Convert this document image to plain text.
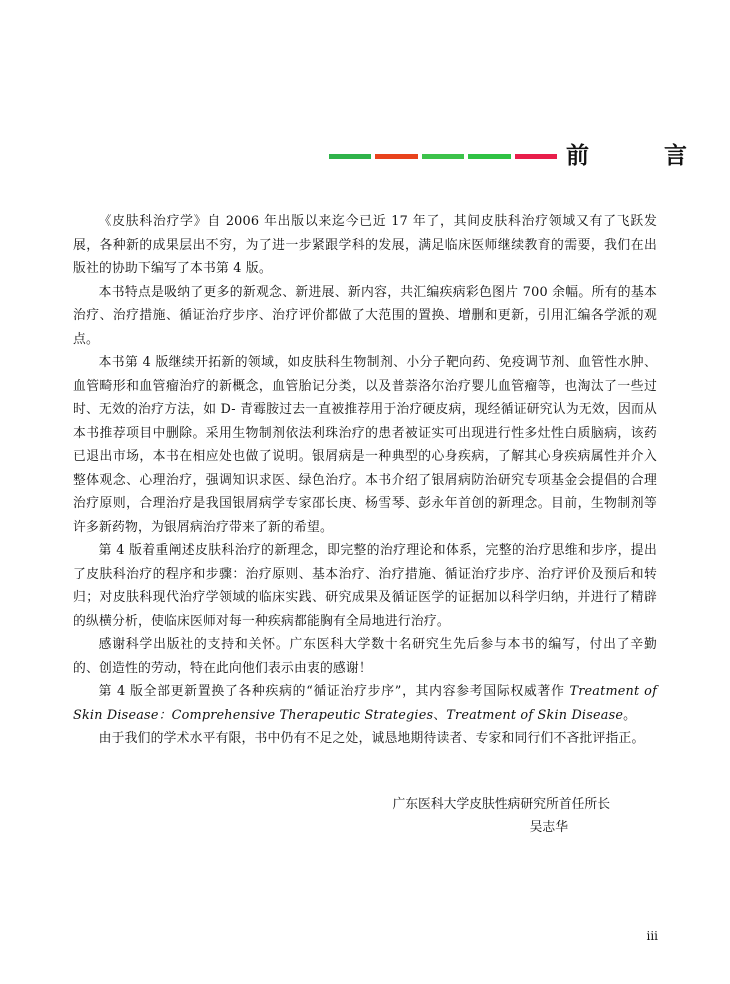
前　言

《皮肤科治疗学》自 2006 年出版以来迄今已近 17 年了，其间皮肤科治疗领域又有了飞跃发展，各种新的成果层出不穷，为了进一步紧跟学科的发展，满足临床医师继续教育的需要，我们在出版社的协助下编写了本书第 4 版。

本书特点是吸纳了更多的新观念、新进展、新内容，共汇编疾病彩色图片 700 余幅。所有的基本治疗、治疗措施、循证治疗步序、治疗评价都做了大范围的置换、增删和更新，引用汇编各学派的观点。

本书第 4 版继续开拓新的领域，如皮肤科生物制剂、小分子靶向药、免疫调节剂、血管性水肿、血管畸形和血管瘤治疗的新概念，血管胎记分类，以及普萘洛尔治疗婴儿血管瘤等，也淘汰了一些过时、无效的治疗方法，如 D- 青霉胺过去一直被推荐用于治疗硬皮病，现经循证研究认为无效，因而从本书推荐项目中删除。采用生物制剂依法利珠治疗的患者被证实可出现进行性多灶性白质脑病，该药已退出市场，本书在相应处也做了说明。银屑病是一种典型的心身疾病，了解其心身疾病属性并介入整体观念、心理治疗，强调知识求医、绿色治疗。本书介绍了银屑病防治研究专项基金会提倡的合理治疗原则，合理治疗是我国银屑病学专家邵长庚、杨雪琴、彭永年首创的新理念。目前，生物制剂等许多新药物，为银屑病治疗带来了新的希望。

第 4 版着重阐述皮肤科治疗的新理念，即完整的治疗理论和体系，完整的治疗思维和步序，提出了皮肤科治疗的程序和步骤：治疗原则、基本治疗、治疗措施、循证治疗步序、治疗评价及预后和转归；对皮肤科现代治疗学领域的临床实践、研究成果及循证医学的证据加以科学归纳，并进行了精辟的纵横分析，使临床医师对每一种疾病都能胸有全局地进行治疗。

感谢科学出版社的支持和关怀。广东医科大学数十名研究生先后参与本书的编写，付出了辛勤的、创造性的劳动，特在此向他们表示由衷的感谢！

第 4 版全部更新置换了各种疾病的“循证治疗步序”，其内容参考国际权威著作 Treatment of Skin Disease：Comprehensive Therapeutic Strategies、Treatment of Skin Disease。

由于我们的学术水平有限，书中仍有不足之处，诚恳地期待读者、专家和同行们不吝批评指正。

广东医科大学皮肤性病研究所首任所长
吴志华
iii
